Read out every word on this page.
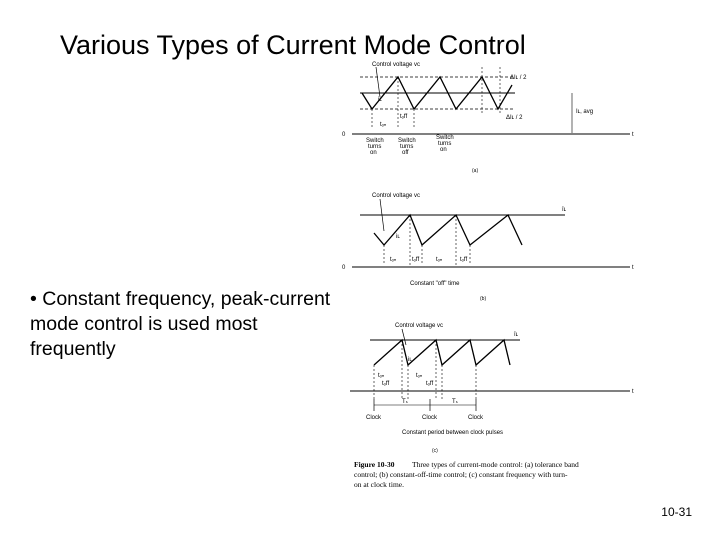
Various Types of Current Mode Control
• Constant frequency, peak-current mode control is used most frequently
Control voltage vc
iʟ
ΔIʟ / 2
ΔIʟ / 2
Iʟ, avg
tₒₙ
tₒff
0	t
Switch turns on
Switch turns off
Switch turns on
(a)
Control voltage vc
îʟ
iʟ
tₒₙ	tₒff	tₒₙ	tₒff
0	t
Constant "off" time
(b)
Control voltage vc
îʟ
iʟ
tₒₙ
tₒff
tₒₙ
tₒff
t
Tₛ	Tₛ
Clock	Clock	Clock
Constant period between clock pulses
(c)
Figure 10-30 Three types of current-mode control: (a) tolerance band
control; (b) constant-off-time control; (c) constant frequency with turn-
on at clock time.
10-31
